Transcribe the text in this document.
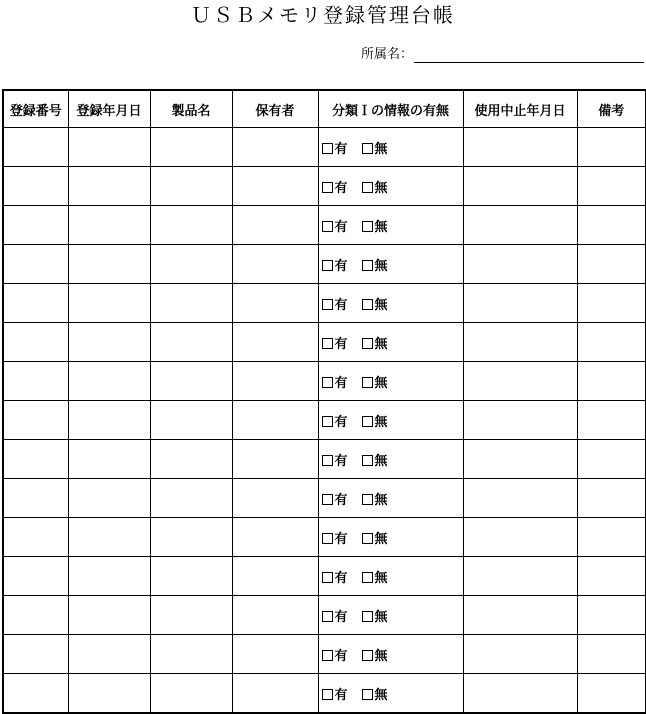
ＵＳＢメモリ登録管理台帳
所属名：
登録番号	登録年月日	製品名	保有者	分類Ｉの情報の有無	使用中止年月日	備考
				有 無		
				有 無		
				有 無		
				有 無		
				有 無		
				有 無		
				有 無		
				有 無		
				有 無		
				有 無		
				有 無		
				有 無		
				有 無		
				有 無		
				有 無		
